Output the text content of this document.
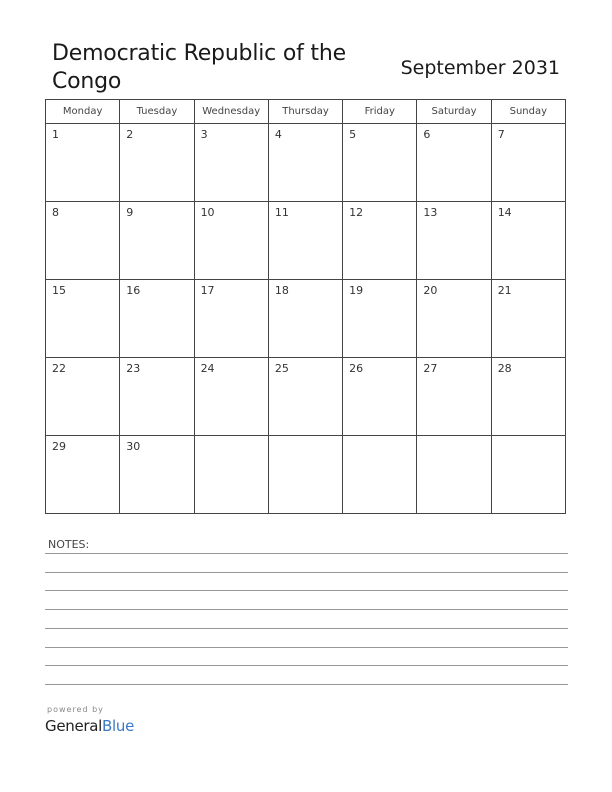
Democratic Republic of the Congo
September 2031
Monday	Tuesday	Wednesday	Thursday	Friday	Saturday	Sunday

1	2	3	4	5	6	7

8	9	10	11	12	13	14

15	16	17	18	19	20	21

22	23	24	25	26	27	28

29	30					

NOTES:
powered by
GeneralBlue
